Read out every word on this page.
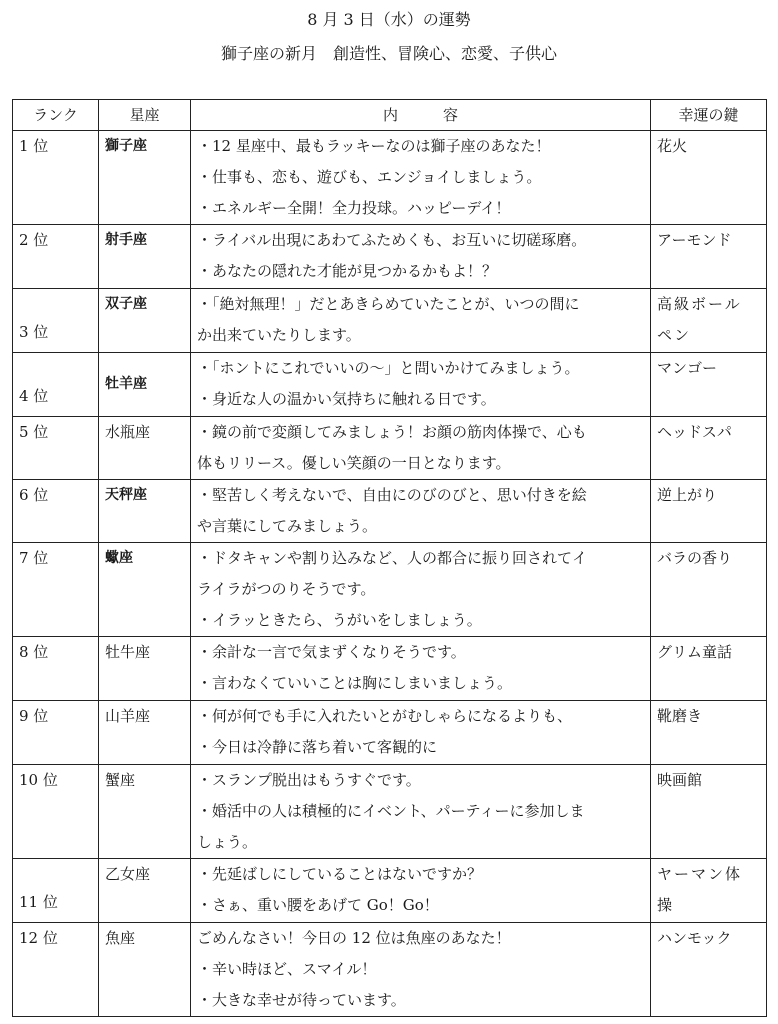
8 月 3 日（水）の運勢
獅子座の新月　創造性、冒険心、恋愛、子供心
ランク	星座	内　　　容	幸運の鍵
1 位	獅子座	・12 星座中、最もラッキーなのは獅子座のあなた！
・仕事も、恋も、遊びも、エンジョイしましょう。
・エネルギー全開！全力投球。ハッピーデイ！	花火
2 位	射手座	・ライバル出現にあわてふためくも、お互いに切磋琢磨。
・あなたの隠れた才能が見つかるかもよ！？	アーモンド
3 位	双子座	・「絶対無理！」だとあきらめていたことが、いつの間に
か出来ていたりします。	高級ボール
ペン

4 位	牡羊座	・「ホントにこれでいいの～」と問いかけてみましょう。
・身近な人の温かい気持ちに触れる日です。	マンゴー
5 位	水瓶座	・鏡の前で変顔してみましょう！お顔の筋肉体操で、心も
体もリリース。優しい笑顔の一日となります。	ヘッドスパ
6 位	天秤座	・堅苦しく考えないで、自由にのびのびと、思い付きを絵
や言葉にしてみましょう。	逆上がり
7 位	蠍座	・ドタキャンや割り込みなど、人の都合に振り回されてイ
ライラがつのりそうです。
・イラッときたら、うがいをしましょう。	バラの香り
8 位	牡牛座	・余計な一言で気まずくなりそうです。
・言わなくていいことは胸にしまいましょう。	グリム童話
9 位	山羊座	・何が何でも手に入れたいとがむしゃらになるよりも、
・今日は冷静に落ち着いて客観的に	靴磨き
10 位	蟹座	・スランプ脱出はもうすぐです。
・婚活中の人は積極的にイベント、パーティーに参加しま
しょう。	映画館
11 位	乙女座	・先延ばしにしていることはないですか？
・さぁ、重い腰をあげて Go！Go！	ヤーマン体
操

12 位	魚座	ごめんなさい！今日の 12 位は魚座のあなた！
・辛い時ほど、スマイル！
・大きな幸せが待っています。	ハンモック
